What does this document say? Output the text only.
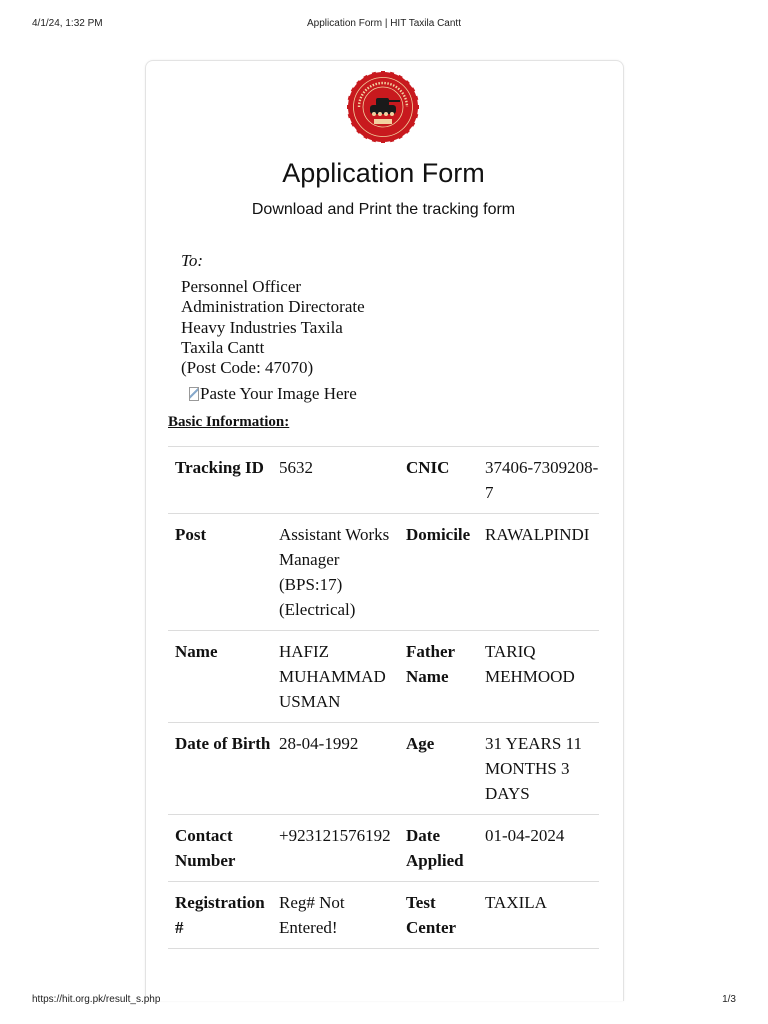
4/1/24, 1:32 PM	Application Form | HIT Taxila Cantt
Application Form
Download and Print the tracking form
To:
Personnel Officer
Administration Directorate
Heavy Industries Taxila
Taxila Cantt
(Post Code: 47070)
Paste Your Image Here
Basic Information:
Tracking ID	5632	CNIC	37406-7309208-7
Post	Assistant Works Manager (BPS:17) (Electrical)	Domicile	RAWALPINDI
Name	HAFIZ MUHAMMAD USMAN	Father Name	TARIQ MEHMOOD
Date of Birth	28-04-1992	Age	31 YEARS 11 MONTHS 3 DAYS
Contact Number	+923121576192	Date Applied	01-04-2024
Registration #	Reg# Not Entered!	Test Center	TAXILA
https://hit.org.pk/result_s.php	1/3
